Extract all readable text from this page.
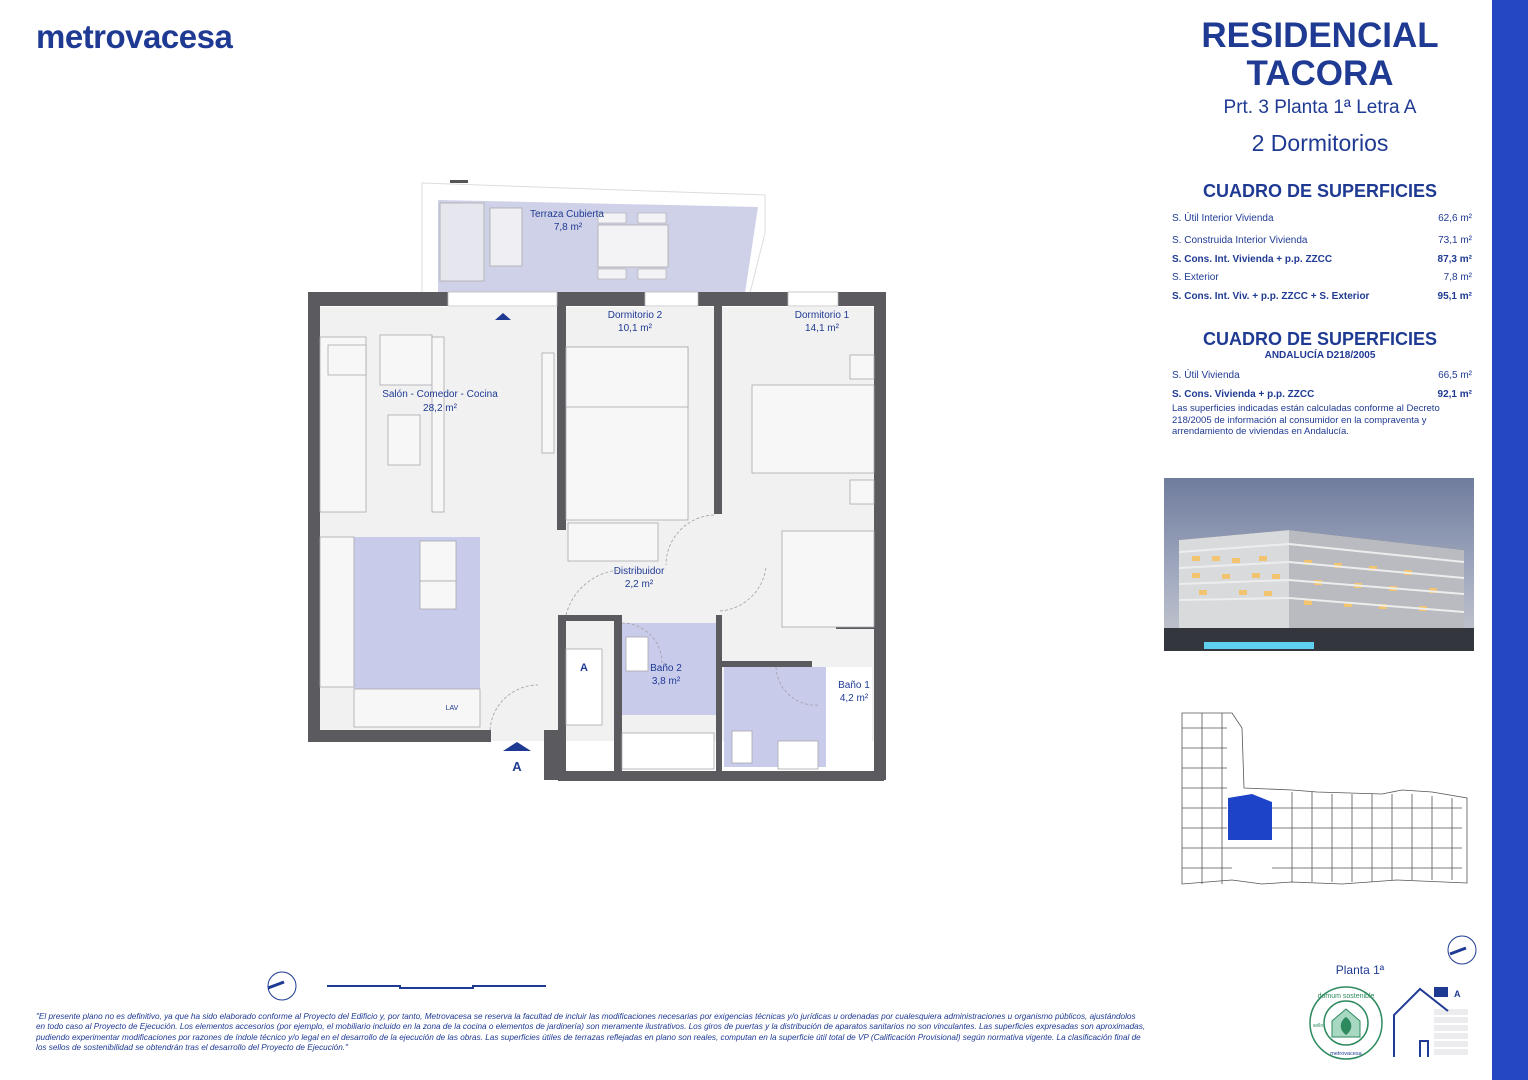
metrovacesa	RESIDENCIAL
TACORA
Prt. 3 Planta 1ª Letra A
2 Dormitorios
CUADRO DE SUPERFICIES
S. Útil Interior Vivienda	62,6 m²
S. Construida Interior Vivienda	73,1 m²
S. Cons. Int. Vivienda + p.p. ZZCC	87,3 m²
S. Exterior	7,8 m²
S. Cons. Int. Viv. + p.p. ZZCC + S. Exterior	95,1 m²
CUADRO DE SUPERFICIES
ANDALUCÍA D218/2005
S. Útil Vivienda	66,5 m²
S. Cons. Vivienda + p.p. ZZCC	92,1 m²
Las superficies indicadas están calculadas conforme al Decreto 218/2005 de información al consumidor en la compraventa y arrendamiento de viviendas en Andalucía.
Planta 1ª
Terraza Cubierta
7,8 m²
Salón - Comedor - Cocina
28,2 m²
LAV
Dormitorio 2
10,1 m²
Dormitorio 1
14,1 m²
Distribuidor
2,2 m²
A	Baño 2
3,8 m²	Baño 1
4,2 m²
A
domum sostenible
sello
metrovacesa
A
"El presente plano no es definitivo, ya que ha sido elaborado conforme al Proyecto del Edificio y, por tanto, Metrovacesa se reserva la facultad de incluir las modificaciones necesarias por exigencias técnicas y/o jurídicas u ordenadas por cualesquiera administraciones u organismo públicos, ajustándolos en todo caso al Proyecto de Ejecución. Los elementos accesorios (por ejemplo, el mobiliario incluido en la zona de la cocina o elementos de jardinería) son meramente ilustrativos. Los giros de puertas y la distribución de aparatos sanitarios no son vinculantes. Las superficies expresadas son aproximadas, pudiendo experimentar modificaciones por razones de índole técnico y/o legal en el desarrollo de la ejecución de las obras. Las superficies útiles de terrazas reflejadas en plano son reales, computan en la superficie útil total de VP (Calificación Provisional) según normativa vigente. La clasificación final de los sellos de sostenibilidad se obtendrán tras el desarrollo del Proyecto de Ejecución."
